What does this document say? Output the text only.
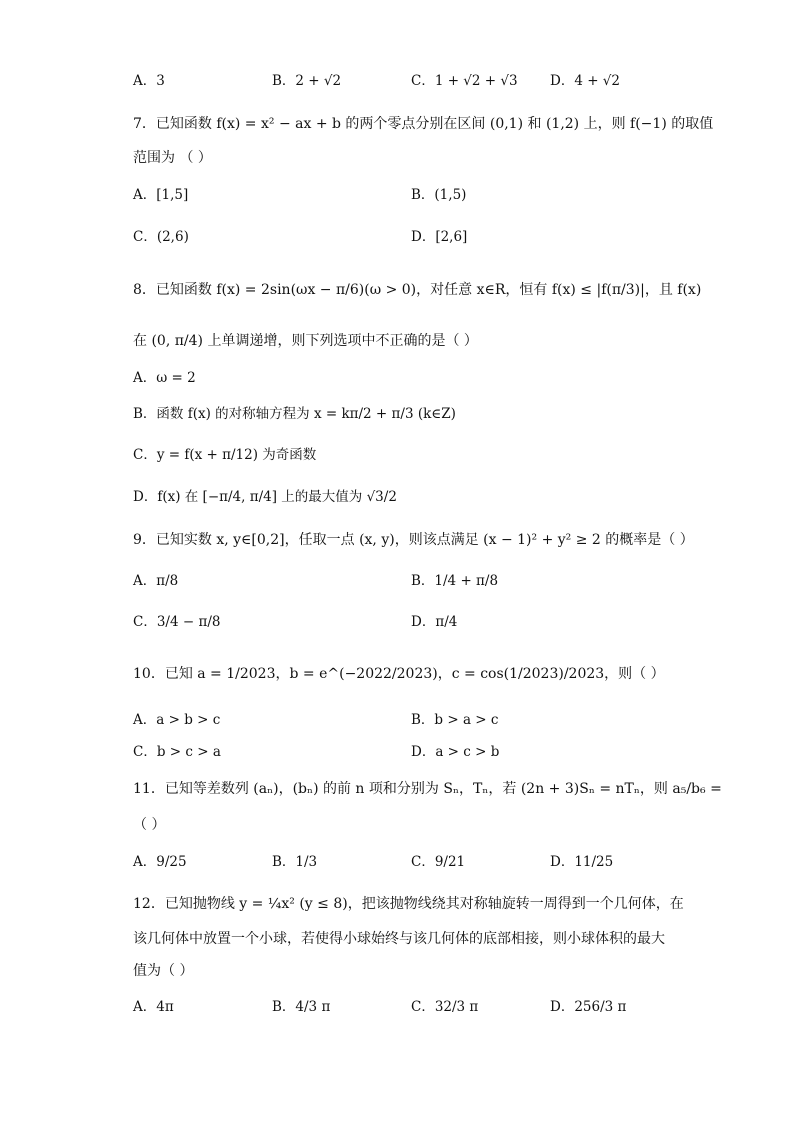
A．3	B．2 + √2	C．1 + √2 + √3 D．4 + √2
7．已知函数 f(x) = x² − ax + b 的两个零点分别在区间 (0,1) 和 (1,2) 上，则 f(−1) 的取值
范围为 （ ）
A．[1,5]	B．(1,5)
C．(2,6)	D．[2,6]
8．已知函数 f(x) = 2sin(ωx − π/6)(ω > 0)，对任意 x∈R，恒有 f(x) ≤ |f(π/3)|，且 f(x)
在 (0, π/4) 上单调递增，则下列选项中不正确的是（ ）
A．ω = 2
B．函数 f(x) 的对称轴方程为 x = kπ/2 + π/3 (k∈Z)
C．y = f(x + π/12) 为奇函数
D．f(x) 在 [−π/4, π/4] 上的最大值为 √3/2
9．已知实数 x, y∈[0,2]，任取一点 (x, y)，则该点满足 (x − 1)² + y² ≥ 2 的概率是（ ）
A．π/8	B．1/4 + π/8
C．3/4 − π/8	D．π/4
10．已知 a = 1/2023，b = e^(−2022/2023)，c = cos(1/2023)/2023，则（ ）
A．a > b > c	B．b > a > c
C．b > c > a	D．a > c > b
11．已知等差数列 (aₙ)，(bₙ) 的前 n 项和分别为 Sₙ，Tₙ，若 (2n + 3)Sₙ = nTₙ，则 a₅/b₆ =
（ ）
A．9/25	B．1/3	C．9/21	D．11/25
12．已知抛物线 y = ¼x² (y ≤ 8)，把该抛物线绕其对称轴旋转一周得到一个几何体，在
该几何体中放置一个小球，若使得小球始终与该几何体的底部相接，则小球体积的最大
值为（ ）
A．4π	B．4/3 π	C．32/3 π	D．256/3 π
